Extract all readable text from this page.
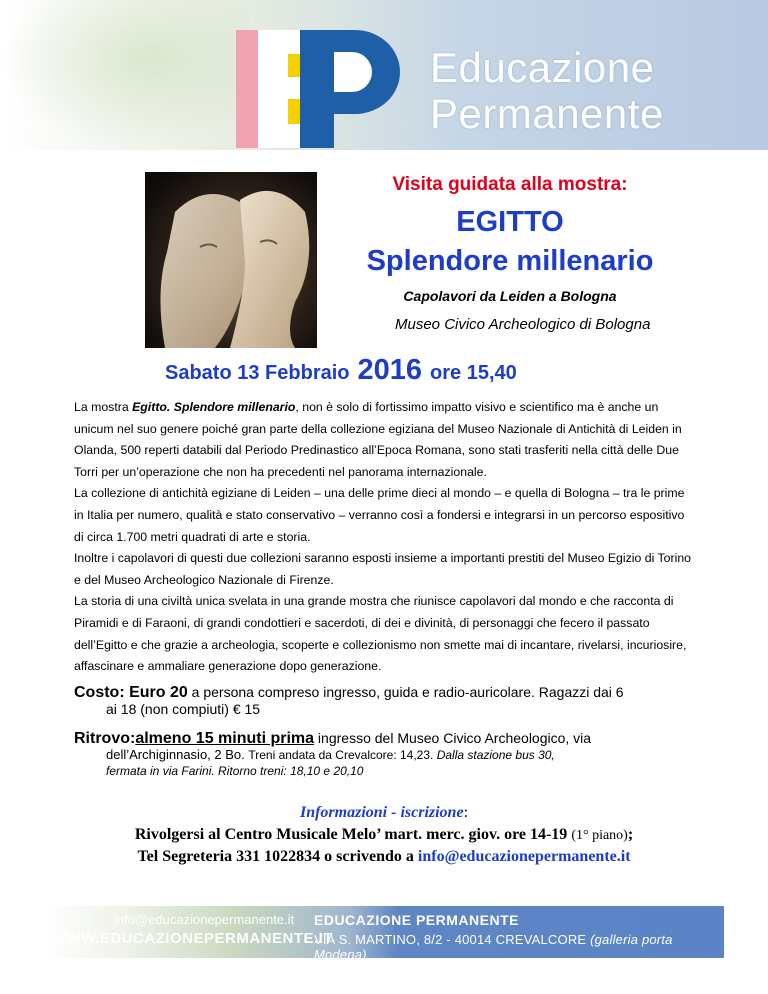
Educazione
Permanente
Visita guidata alla mostra:
EGITTO
Splendore millenario
Capolavori da Leiden a Bologna
Museo Civico Archeologico di Bologna
Sabato 13 Febbraio 2016 ore 15,40

La mostra Egitto. Splendore millenario, non è solo di fortissimo impatto visivo e scientifico ma è anche un unicum nel suo genere poiché gran parte della collezione egiziana del Museo Nazionale di Antichità di Leiden in Olanda, 500 reperti databili dal Periodo Predinastico all’Epoca Romana, sono stati trasferiti nella città delle Due Torri per un’operazione che non ha precedenti nel panorama internazionale.

La collezione di antichità egiziane di Leiden – una delle prime dieci al mondo – e quella di Bologna – tra le prime in Italia per numero, qualità e stato conservativo – verranno così a fondersi e integrarsi in un percorso espositivo di circa 1.700 metri quadrati di arte e storia.

Inoltre i capolavori di questi due collezioni saranno esposti insieme a importanti prestiti del Museo Egizio di Torino e del Museo Archeologico Nazionale di Firenze.

La storia di una civiltà unica svelata in una grande mostra che riunisce capolavori dal mondo e che racconta di Piramidi e di Faraoni, di grandi condottieri e sacerdoti, di dei e divinità, di personaggi che fecero il passato dell’Egitto e che grazie a archeologia, scoperte e collezionismo non smette mai di incantare, rivelarsi, incuriosire, affascinare e ammaliare generazione dopo generazione.

Costo: Euro 20 a persona compreso ingresso, guida e radio-auricolare. Ragazzi dai 6
ai 18 (non compiuti) € 15
Ritrovo:almeno 15 minuti prima ingresso del Museo Civico Archeologico, via
dell’Archiginnasio, 2 Bo. Treni andata da Crevalcore: 14,23. Dalla stazione bus 30,
fermata in via Farini. Ritorno treni: 18,10 e 20,10
Informazioni - iscrizione:
Rivolgersi al Centro Musicale Melo’ mart. merc. giov. ore 14-19 (1° piano);
Tel Segreteria 331 1022834 o scrivendo a info@educazionepermanente.it
info@educazionepermanente.it
WWW.EDUCAZIONEPERMANENTE.IT
EDUCAZIONE PERMANENTE
VIA S. MARTINO, 8/2 - 40014 CREVALCORE (galleria porta Modena)
